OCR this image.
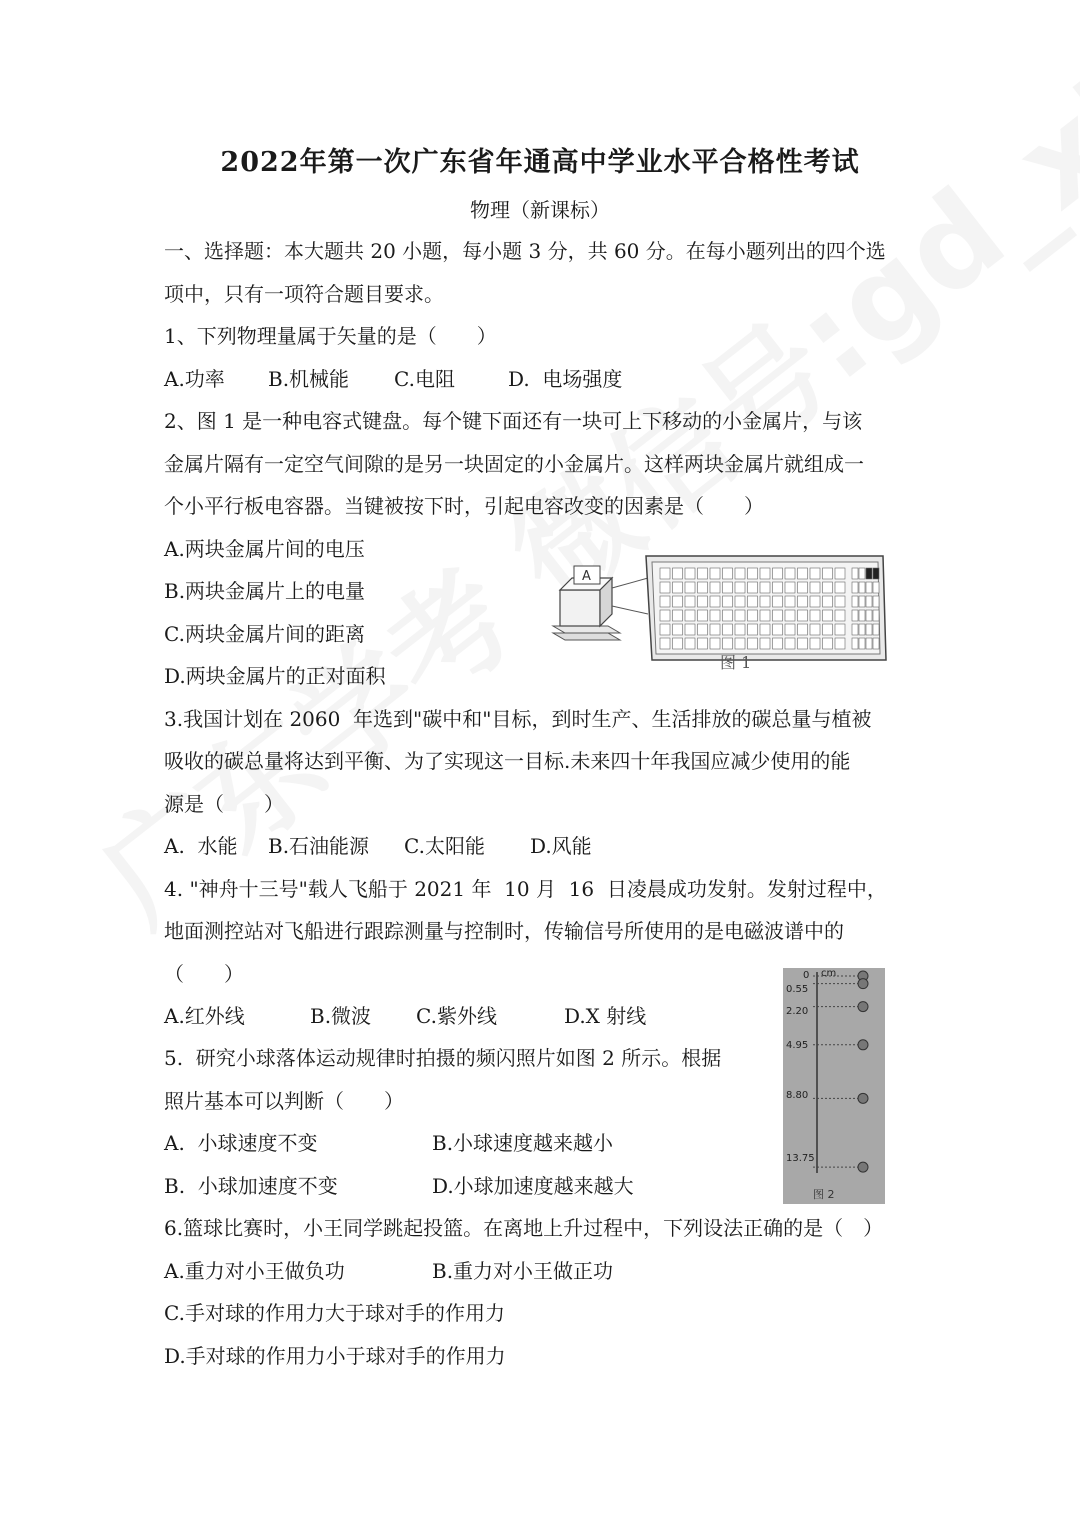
2022年第一次广东省年通高中学业水平合格性考试
物理（新课标）
一、选择题：本大题共 20 小题，每小题 3 分，共 60 分。在每小题列出的四个选
项中，只有一项符合题目要求。
1、下列物理量属于矢量的是（　　）
A.功率 B.机械能 C.电阻	D.  电场强度
2、图 1 是一种电容式键盘。每个键下面还有一块可上下移动的小金属片，与该
金属片隔有一定空气间隙的是另一块固定的小金属片。这样两块金属片就组成一
个小平行板电容器。当键被按下时，引起电容改变的因素是（　　）
A.两块金属片间的电压
B.两块金属片上的电量
C.两块金属片间的距离
D.两块金属片的正对面积
A
图 1
3.我国计划在 2060  年选到"碳中和"目标，到时生产、生活排放的碳总量与植被
吸收的碳总量将达到平衡、为了实现这一目标.未来四十年我国应减少使用的能
源是（　　）
A.  水能 B.石油能源 C.太阳能 D.风能
4. "神舟十三号"载人飞船于 2021 年  10 月  16  日凌晨成功发射。发射过程中，
地面测控站对飞船进行跟踪测量与控制时，传输信号所使用的是电磁波谱中的
（　　）
A.红外线	B.微波 C.紫外线	D.X 射线
5.  研究小球落体运动规律时拍摄的频闪照片如图 2 所示。根据
照片基本可以判断（　　）
A.  小球速度不变	B.小球速度越来越小
B.  小球加速度不变	D.小球加速度越来越大
cm
0
0.55
2.20
4.95
8.80
13.75
图 2
6.篮球比赛时，小王同学跳起投篮。在离地上升过程中，下列设法正确的是（　）
A.重力对小王做负功	B.重力对小王做正功
C.手对球的作用力大于球对手的作用力
D.手对球的作用力小于球对手的作用力
